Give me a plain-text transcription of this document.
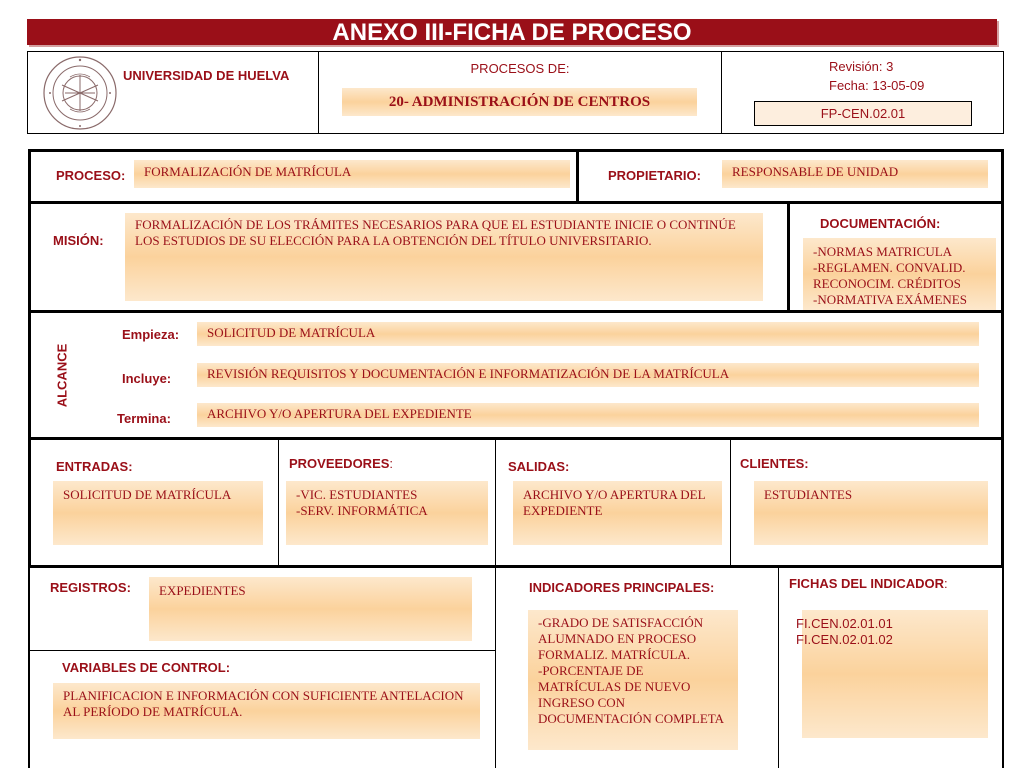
ANEXO III-FICHA DE PROCESO
UNIVERSIDAD DE HUELVA	PROCESOS DE:
20- ADMINISTRACIÓN DE CENTROS
Revisión: 3
Fecha: 13-05-09
FP-CEN.02.01
PROCESO:	FORMALIZACIÓN DE MATRÍCULA	PROPIETARIO:	RESPONSABLE DE UNIDAD
MISIÓN:
FORMALIZACIÓN DE LOS TRÁMITES NECESARIOS PARA QUE EL ESTUDIANTE INICIE O CONTINÚE LOS ESTUDIOS DE SU ELECCIÓN PARA LA OBTENCIÓN DEL TÍTULO UNIVERSITARIO.
DOCUMENTACIÓN:
-NORMAS MATRICULA
-REGLAMEN. CONVALID. RECONOCIM. CRÉDITOS
-NORMATIVA EXÁMENES
ALCANCE
Empieza:	SOLICITUD DE MATRÍCULA
Incluye:	REVISIÓN REQUISITOS Y DOCUMENTACIÓN E INFORMATIZACIÓN DE LA MATRÍCULA
Termina:	ARCHIVO Y/O APERTURA DEL EXPEDIENTE
ENTRADAS:
SOLICITUD DE MATRÍCULA
PROVEEDORES:
-VIC. ESTUDIANTES
-SERV. INFORMÁTICA
SALIDAS:
ARCHIVO Y/O APERTURA DEL EXPEDIENTE
CLIENTES:
ESTUDIANTES
REGISTROS:	EXPEDIENTES	INDICADORES PRINCIPALES:
-GRADO DE SATISFACCIÓN ALUMNADO EN PROCESO FORMALIZ. MATRÍCULA.
-PORCENTAJE DE MATRÍCULAS DE NUEVO INGRESO CON DOCUMENTACIÓN COMPLETA
FICHAS DEL INDICADOR:
FI.CEN.02.01.01
FI.CEN.02.01.02
VARIABLES DE CONTROL:
PLANIFICACION E INFORMACIÓN CON SUFICIENTE ANTELACION AL PERÍODO DE MATRÍCULA.
